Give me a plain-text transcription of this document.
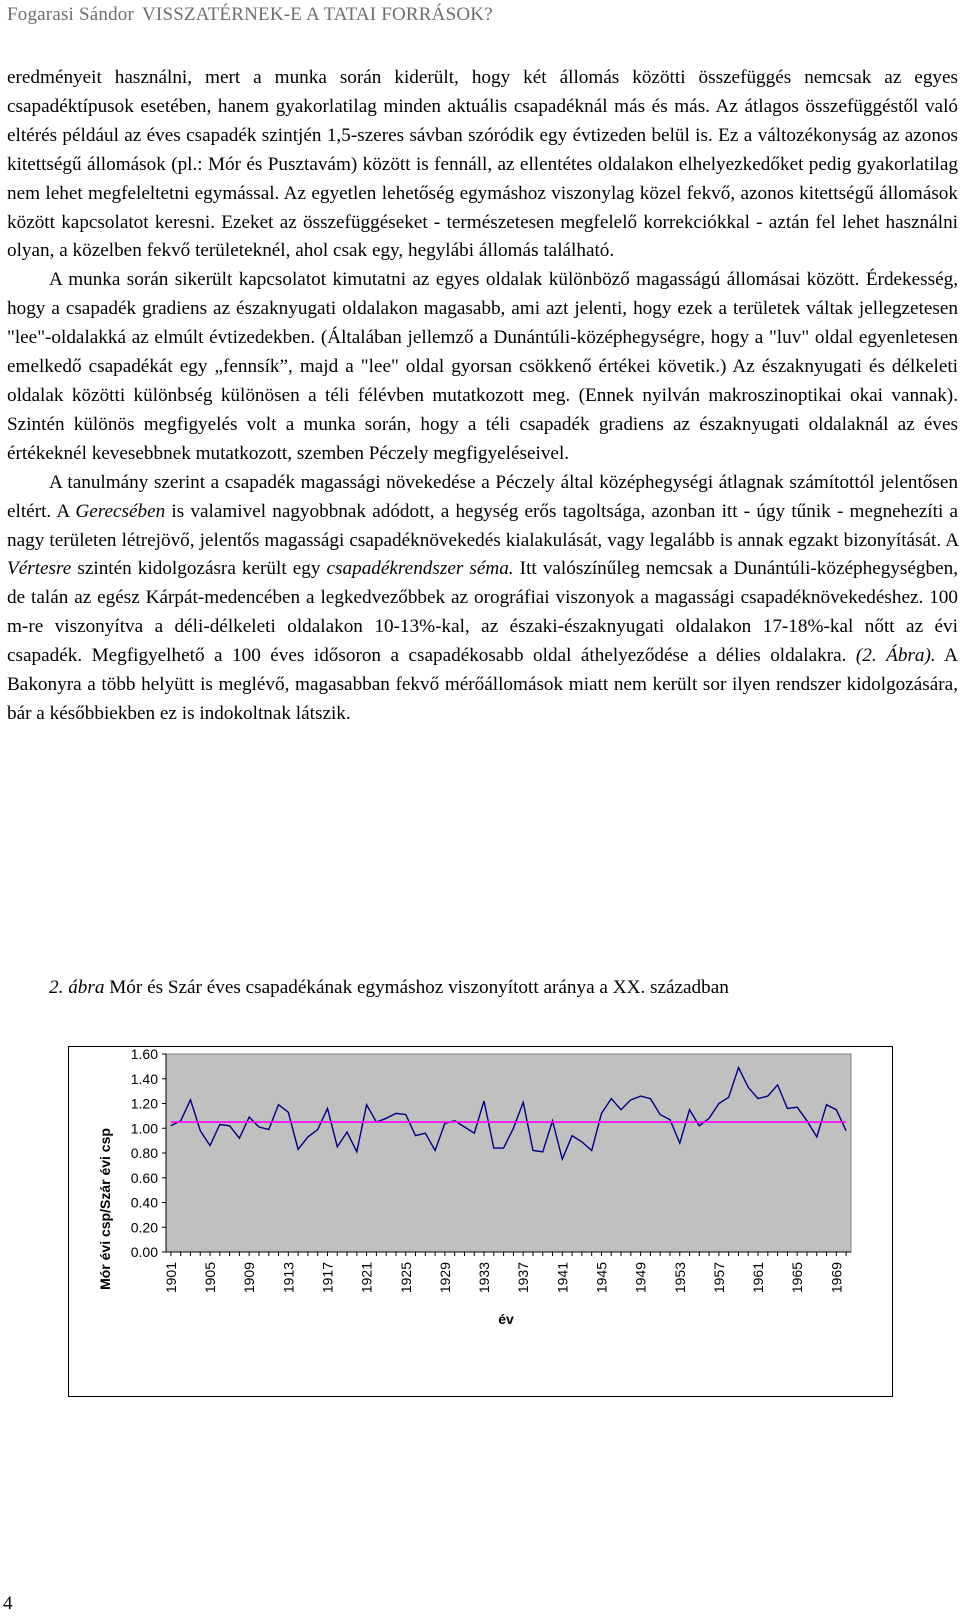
Fogarasi Sándor VISSZATÉRNEK-E A TATAI FORRÁSOK?

eredményeit használni, mert a munka során kiderült, hogy két állomás közötti összefüggés nemcsak az egyes csapadéktípusok esetében, hanem gyakorlatilag minden aktuális csapadéknál más és más. Az átlagos összefüggéstől való eltérés például az éves csapadék szintjén 1,5-szeres sávban szóródik egy évtizeden belül is. Ez a változékonyság az azonos kitettségű állomások (pl.: Mór és Pusztavám) között is fennáll, az ellentétes oldalakon elhelyezkedőket pedig gyakorlatilag nem lehet megfeleltetni egymással. Az egyetlen lehetőség egymáshoz viszonylag közel fekvő, azonos kitettségű állomások között kapcsolatot keresni. Ezeket az összefüggéseket - természetesen megfelelő korrekciókkal - aztán fel lehet használni olyan, a közelben fekvő területeknél, ahol csak egy, hegylábi állomás található.

A munka során sikerült kapcsolatot kimutatni az egyes oldalak különböző magasságú állomásai között. Érdekesség, hogy a csapadék gradiens az északnyugati oldalakon magasabb, ami azt jelenti, hogy ezek a területek váltak jellegzetesen "lee"-oldalakká az elmúlt évtizedekben. (Általában jellemző a Dunántúli-középhegységre, hogy a "luv" oldal egyenletesen emelkedő csapadékát egy „fennsík”, majd a "lee" oldal gyorsan csökkenő értékei követik.) Az északnyugati és délkeleti oldalak közötti különbség különösen a téli félévben mutatkozott meg. (Ennek nyilván makroszinoptikai okai vannak). Szintén különös megfigyelés volt a munka során, hogy a téli csapadék gradiens az északnyugati oldalaknál az éves értékeknél kevesebbnek mutatkozott, szemben Péczely megfigyeléseivel.

A tanulmány szerint a csapadék magassági növekedése a Péczely által középhegységi átlagnak számítottól jelentősen eltért. A Gerecsében is valamivel nagyobbnak adódott, a hegység erős tagoltsága, azonban itt - úgy tűnik - megnehezíti a nagy területen létrejövő, jelentős magassági csapadéknövekedés kialakulását, vagy legalább is annak egzakt bizonyítását. A Vértesre szintén kidolgozásra került egy csapadékrendszer séma. Itt valószínűleg nemcsak a Dunántúli-középhegységben, de talán az egész Kárpát-medencében a legkedvezőbbek az orográfiai viszonyok a magassági csapadéknövekedéshez. 100 m-re viszonyítva a déli-délkeleti oldalakon 10-13%-kal, az északi-északnyugati oldalakon 17-18%-kal nőtt az évi csapadék. Megfigyelhető a 100 éves idősoron a csapadékosabb oldal áthelyeződése a délies oldalakra. (2. Ábra). A Bakonyra a több helyütt is meglévő, magasabban fekvő mérőállomások miatt nem került sor ilyen rendszer kidolgozására, bár a későbbiekben ez is indokoltnak látszik.

2. ábra Mór és Szár éves csapadékának egymáshoz viszonyított aránya a XX. században
0.00
0.20
0.40
0.60
0.80
1.00
1.20
1.40
1.60
1901 1905 1909 1913 1917 1921 1925 1929 1933 1937 1941 1945 1949 1953 1957 1961 1965 1969
Mór évi csp/Szár évi csp
év
4
